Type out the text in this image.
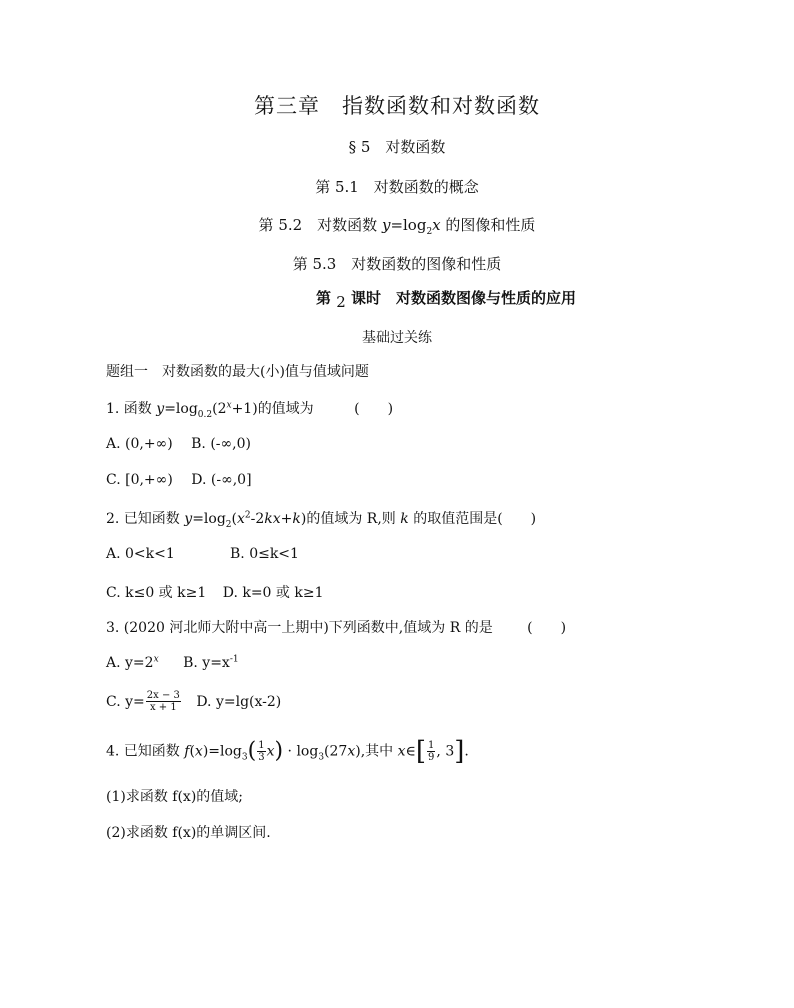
第三章　指数函数和对数函数
§ 5　对数函数
第 5.1　对数函数的概念
第 5.2　对数函数 $y=\log_2x$ 的图像和性质
第 5.3　对数函数的图像和性质
第 $_2$ 课时　对数函数图像与性质的应用
基础过关练
题组一　对数函数的最大(小)值与值域问题
1. 函数 $y=\log_{0.2}(2^x+1)$的值域为	(　　)
A. (0,+∞) B. (-∞,0)
C. [0,+∞) D. (-∞,0]
2. 已知函数 $y=\log_2(x^2-2kx+k)$的值域为 R,则 k 的取值范围是(　　)
A. 0<k<1	B. 0≤k<1
C. k≤0 或 k≥1 D. k=0 或 k≥1
3. (2020 河北师大附中高一上期中)下列函数中,值域为 R 的是 (　　)
A. $y=2^x$ B. $y=x^{-1}$
C. $y= \frac{2x - 3}{x + 1} D$. y=lg(x-2)
4. 已知函数 $f(x)=\log_3( \frac{1}{3} x) \cdot \log_3(27x)$,其中 x∈[ $\frac{1}{9}$ , 3].
(1)求函数 f(x)的值域;
(2)求函数 f(x)的单调区间.
